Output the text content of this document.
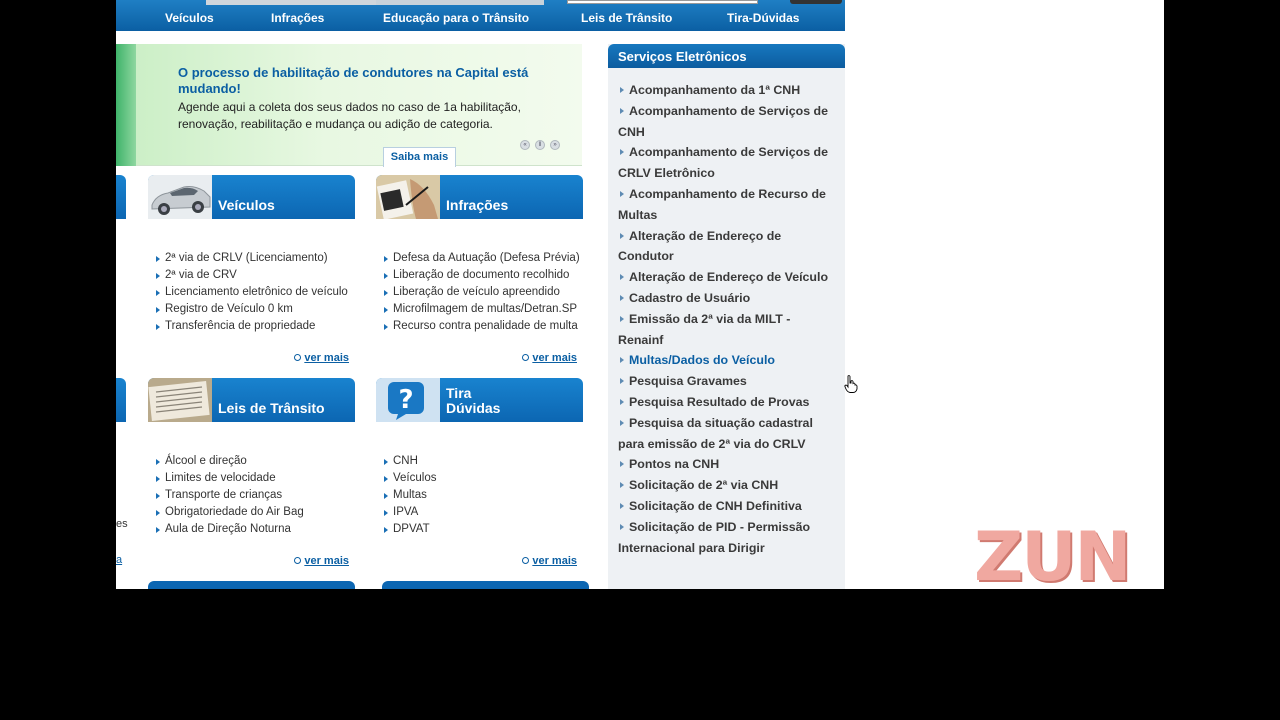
Veículos	Infrações	Educação para o Trânsito	Leis de Trânsito	Tira-Dúvidas
O processo de habilitação de condutores na Capital está mudando!
Agende aqui a coleta dos seus dados no caso de 1a habilitação, renovação, reabilitação e mudança ou adição de categoria.
Saiba mais
«	ll	»
es
a
Veículos
2ª via de CRLV (Licenciamento)
2ª via de CRV
Licenciamento eletrônico de veículo
Registro de Veículo 0 km
Transferência de propriedade
ver mais
Infrações
Defesa da Autuação (Defesa Prévia)
Liberação de documento recolhido
Liberação de veículo apreendido
Microfilmagem de multas/Detran.SP
Recurso contra penalidade de multa
ver mais
Leis de Trânsito
Álcool e direção
Limites de velocidade
Transporte de crianças
Obrigatoriedade do Air Bag
Aula de Direção Noturna
ver mais
? Tira
Dúvidas
CNH
Veículos
Multas
IPVA
DPVAT
ver mais
Serviços Eletrônicos
Acompanhamento da 1ª CNH
Acompanhamento de Serviços de CNH
Acompanhamento de Serviços de CRLV Eletrônico
Acompanhamento de Recurso de Multas
Alteração de Endereço de Condutor
Alteração de Endereço de Veículo
Cadastro de Usuário
Emissão da 2ª via da MILT - Renainf
Multas/Dados do Veículo
Pesquisa Gravames
Pesquisa Resultado de Provas
Pesquisa da situação cadastral para emissão de 2ª via do CRLV
Pontos na CNH
Solicitação de 2ª via CNH
Solicitação de CNH Definitiva
Solicitação de PID - Permissão Internacional para Dirigir	ZUN
